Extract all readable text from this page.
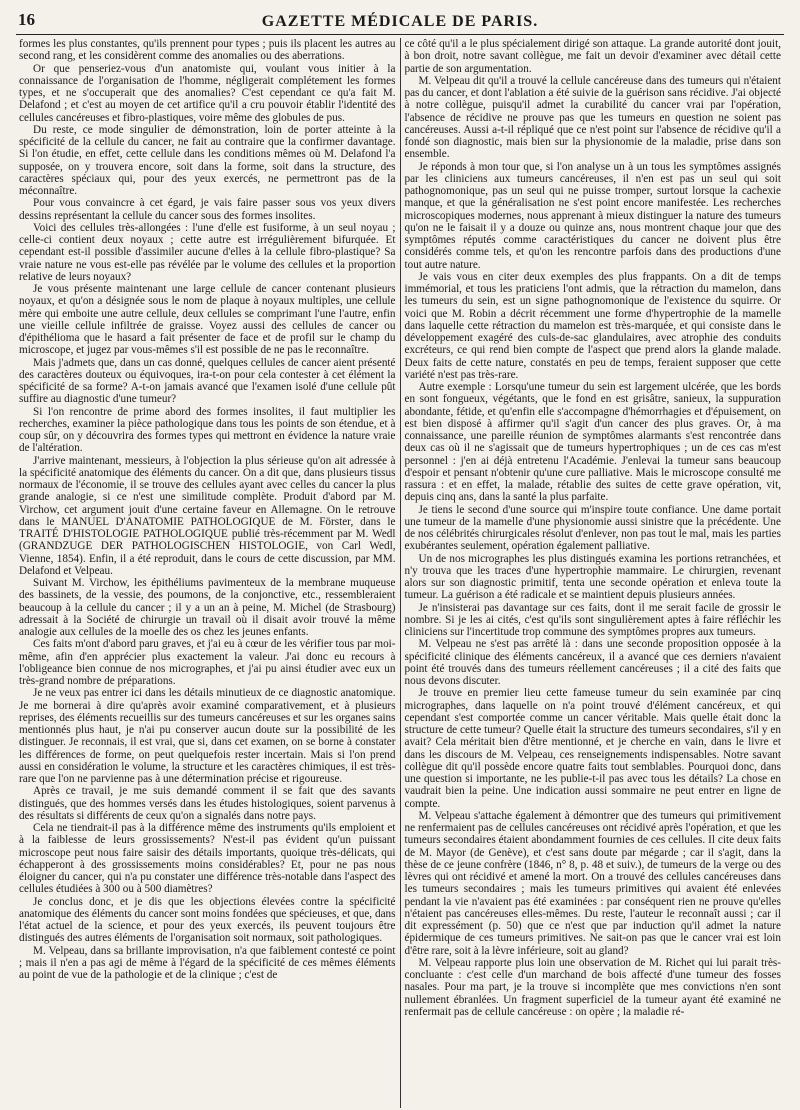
16	GAZETTE MÉDICALE DE PARIS.

formes les plus constantes, qu'ils prennent pour types ; puis ils placent les autres au second rang, et les considèrent comme des anomalies ou des aberrations.

Or que penseriez-vous d'un anatomiste qui, voulant vous initier à la connaissance de l'organisation de l'homme, négligerait complétement les formes types, et ne s'occuperait que des anomalies? C'est cependant ce qu'a fait M. Delafond ; et c'est au moyen de cet artifice qu'il a cru pouvoir établir l'identité des cellules cancéreuses et fibro-plastiques, voire même des globules de pus.

Du reste, ce mode singulier de démonstration, loin de porter atteinte à la spécificité de la cellule du cancer, ne fait au contraire que la confirmer davantage. Si l'on étudie, en effet, cette cellule dans les conditions mêmes où M. Delafond l'a supposée, on y trouvera encore, soit dans la forme, soit dans la structure, des caractères spéciaux qui, pour des yeux exercés, ne permettront pas de la méconnaître.

Pour vous convaincre à cet égard, je vais faire passer sous vos yeux divers dessins représentant la cellule du cancer sous des formes insolites.

Voici des cellules très-allongées : l'une d'elle est fusiforme, à un seul noyau ; celle-ci contient deux noyaux ; cette autre est irrégulièrement bifurquée. Et cependant est-il possible d'assimiler aucune d'elles à la cellule fibro-plastique? Sa vraie nature ne vous est-elle pas révélée par le volume des cellules et la proportion relative de leurs noyaux?

Je vous présente maintenant une large cellule de cancer contenant plusieurs noyaux, et qu'on a désignée sous le nom de plaque à noyaux multiples, une cellule mère qui emboite une autre cellule, deux cellules se comprimant l'une l'autre, enfin une vieille cellule infiltrée de graisse. Voyez aussi des cellules de cancer ou d'épithélioma que le hasard a fait présenter de face et de profil sur le champ du microscope, et jugez par vous-mêmes s'il est possible de ne pas le reconnaître.

Mais j'admets que, dans un cas donné, quelques cellules de cancer aient présenté des caractères douteux ou équivoques, ira-t-on pour cela contester à cet élément la spécificité de sa forme? A-t-on jamais avancé que l'examen isolé d'une cellule pût suffire au diagnostic d'une tumeur?

Si l'on rencontre de prime abord des formes insolites, il faut multiplier les recherches, examiner la pièce pathologique dans tous les points de son étendue, et à coup sûr, on y découvrira des formes types qui mettront en évidence la nature vraie de l'altération.

J'arrive maintenant, messieurs, à l'objection la plus sérieuse qu'on ait adressée à la spécificité anatomique des éléments du cancer. On a dit que, dans plusieurs tissus normaux de l'économie, il se trouve des cellules ayant avec celles du cancer la plus grande analogie, si ce n'est une similitude complète. Produit d'abord par M. Virchow, cet argument jouit d'une certaine faveur en Allemagne. On le retrouve dans le MANUEL D'ANATOMIE PATHOLOGIQUE de M. Förster, dans le TRAITÉ D'HISTOLOGIE PATHOLOGIQUE publié très-récemment par M. Wedl (GRANDZUGE DER PATHOLOGISCHEN HISTOLOGIE, von Carl Wedl, Vienne, 1854). Enfin, il a été reproduit, dans le cours de cette discussion, par MM. Delafond et Velpeau.

Suivant M. Virchow, les épithéliums pavimenteux de la membrane muqueuse des bassinets, de la vessie, des poumons, de la conjonctive, etc., ressembleraient beaucoup à la cellule du cancer ; il y a un an à peine, M. Michel (de Strasbourg) adressait à la Société de chirurgie un travail où il disait avoir trouvé la même analogie aux cellules de la moelle des os chez les jeunes enfants.

Ces faits m'ont d'abord paru graves, et j'ai eu à cœur de les vérifier tous par moi-même, afin d'en apprécier plus exactement la valeur. J'ai donc eu recours à l'obligeance bien connue de nos micrographes, et j'ai pu ainsi étudier avec eux un très-grand nombre de préparations.

Je ne veux pas entrer ici dans les détails minutieux de ce diagnostic anatomique. Je me bornerai à dire qu'après avoir examiné comparativement, et à plusieurs reprises, des éléments recueillis sur des tumeurs cancéreuses et sur les organes sains mentionnés plus haut, je n'ai pu conserver aucun doute sur la possibilité de les distinguer. Je reconnais, il est vrai, que si, dans cet examen, on se borne à constater les différences de forme, on peut quelquefois rester incertain. Mais si l'on prend aussi en considération le volume, la structure et les caractères chimiques, il est très-rare que l'on ne parvienne pas à une détermination précise et rigoureuse.

Après ce travail, je me suis demandé comment il se fait que des savants distingués, que des hommes versés dans les études histologiques, soient parvenus à des résultats si différents de ceux qu'on a signalés dans notre pays.

Cela ne tiendrait-il pas à la différence même des instruments qu'ils emploient et à la faiblesse de leurs grossissements? N'est-il pas évident qu'un puissant microscope peut nous faire saisir des détails importants, quoique très-délicats, qui échapperont à des grossissements moins considérables? Et, pour ne pas nous éloigner du cancer, qui n'a pu constater une différence très-notable dans l'aspect des cellules étudiées à 300 ou à 500 diamètres?

Je conclus donc, et je dis que les objections élevées contre la spécificité anatomique des éléments du cancer sont moins fondées que spécieuses, et que, dans l'état actuel de la science, et pour des yeux exercés, ils peuvent toujours être distingués des autres éléments de l'organisation soit normaux, soit pathologiques.

M. Velpeau, dans sa brillante improvisation, n'a que faiblement contesté ce point ; mais il n'en a pas agi de même à l'égard de la spécificité de ces mêmes éléments au point de vue de la pathologie et de la clinique ; c'est de

ce côté qu'il a le plus spécialement dirigé son attaque. La grande autorité dont jouit, à bon droit, notre savant collègue, me fait un devoir d'examiner avec détail cette partie de son argumentation.

M. Velpeau dit qu'il a trouvé la cellule cancéreuse dans des tumeurs qui n'étaient pas du cancer, et dont l'ablation a été suivie de la guérison sans récidive. J'ai objecté à notre collègue, puisqu'il admet la curabilité du cancer vrai par l'opération, l'absence de récidive ne prouve pas que les tumeurs en question ne soient pas cancéreuses. Aussi a-t-il répliqué que ce n'est point sur l'absence de récidive qu'il a fondé son diagnostic, mais bien sur la physionomie de la maladie, prise dans son ensemble.

Je réponds à mon tour que, si l'on analyse un à un tous les symptômes assignés par les cliniciens aux tumeurs cancéreuses, il n'en est pas un seul qui soit pathognomonique, pas un seul qui ne puisse tromper, surtout lorsque la cachexie manque, et que la généralisation ne s'est point encore manifestée. Les recherches microscopiques modernes, nous apprenant à mieux distinguer la nature des tumeurs qu'on ne le faisait il y a douze ou quinze ans, nous montrent chaque jour que des symptômes réputés comme caractéristiques du cancer ne doivent plus être considérés comme tels, et qu'on les rencontre parfois dans des productions d'une tout autre nature.

Je vais vous en citer deux exemples des plus frappants. On a dit de temps immémorial, et tous les praticiens l'ont admis, que la rétraction du mamelon, dans les tumeurs du sein, est un signe pathognomonique de l'existence du squirre. Or voici que M. Robin a décrit récemment une forme d'hypertrophie de la mamelle dans laquelle cette rétraction du mamelon est très-marquée, et qui consiste dans le développement exagéré des culs-de-sac glandulaires, avec atrophie des conduits excréteurs, ce qui rend bien compte de l'aspect que prend alors la glande malade. Deux faits de cette nature, constatés en peu de temps, feraient supposer que cette variété n'est pas très-rare.

Autre exemple : Lorsqu'une tumeur du sein est largement ulcérée, que les bords en sont fongueux, végétants, que le fond en est grisâtre, sanieux, la suppuration abondante, fétide, et qu'enfin elle s'accompagne d'hémorrhagies et d'épuisement, on est bien disposé à affirmer qu'il s'agit d'un cancer des plus graves. Or, à ma connaissance, une pareille réunion de symptômes alarmants s'est rencontrée dans deux cas où il ne s'agissait que de tumeurs hypertrophiques ; un de ces cas m'est personnel : j'en ai déjà entretenu l'Académie. J'enlevai la tumeur sans beaucoup d'espoir et pensant n'obtenir qu'une cure palliative. Mais le microscope consulté me rassura : et en effet, la malade, rétablie des suites de cette grave opération, vit, depuis cinq ans, dans la santé la plus parfaite.

Je tiens le second d'une source qui m'inspire toute confiance. Une dame portait une tumeur de la mamelle d'une physionomie aussi sinistre que la précédente. Une de nos célébrités chirurgicales résolut d'enlever, non pas tout le mal, mais les parties exubérantes seulement, opération également palliative.

Un de nos micrographes les plus distingués examina les portions retranchées, et n'y trouva que les traces d'une hypertrophie mammaire. Le chirurgien, revenant alors sur son diagnostic primitif, tenta une seconde opération et enleva toute la tumeur. La guérison a été radicale et se maintient depuis plusieurs années.

Je n'insisterai pas davantage sur ces faits, dont il me serait facile de grossir le nombre. Si je les ai cités, c'est qu'ils sont singulièrement aptes à faire réfléchir les cliniciens sur l'incertitude trop commune des symptômes propres aux tumeurs.

M. Velpeau ne s'est pas arrêté là : dans une seconde proposition opposée à la spécificité clinique des éléments cancéreux, il a avancé que ces derniers n'avaient point été trouvés dans des tumeurs réellement cancéreuses ; il a cité des faits que nous devons discuter.

Je trouve en premier lieu cette fameuse tumeur du sein examinée par cinq micrographes, dans laquelle on n'a point trouvé d'élément cancéreux, et qui cependant s'est comportée comme un cancer véritable. Mais quelle était donc la structure de cette tumeur? Quelle était la structure des tumeurs secondaires, s'il y en avait? Cela méritait bien d'être mentionné, et je cherche en vain, dans le livre et dans les discours de M. Velpeau, ces renseignements indispensables. Notre savant collègue dit qu'il possède encore quatre faits tout semblables. Pourquoi donc, dans une question si importante, ne les publie-t-il pas avec tous les détails? La chose en vaudrait bien la peine. Une indication aussi sommaire ne peut entrer en ligne de compte.

M. Velpeau s'attache également à démontrer que des tumeurs qui primitivement ne renfermaient pas de cellules cancéreuses ont récidivé après l'opération, et que les tumeurs secondaires étaient abondamment fournies de ces cellules. Il cite deux faits de M. Mayor (de Genève), et c'est sans doute par mégarde ; car il s'agit, dans la thèse de ce jeune confrère (1846, n° 8, p. 48 et suiv.), de tumeurs de la verge ou des lèvres qui ont récidivé et amené la mort. On a trouvé des cellules cancéreuses dans les tumeurs secondaires ; mais les tumeurs primitives qui avaient été enlevées pendant la vie n'avaient pas été examinées : par conséquent rien ne prouve qu'elles n'étaient pas cancéreuses elles-mêmes. Du reste, l'auteur le reconnaît aussi ; car il dit expressément (p. 50) que ce n'est que par induction qu'il admet la nature épidermique de ces tumeurs primitives. Ne sait-on pas que le cancer vrai est loin d'être rare, soit à la lèvre inférieure, soit au gland?

M. Velpeau rapporte plus loin une observation de M. Richet qui lui parait très-concluante : c'est celle d'un marchand de bois affecté d'une tumeur des fosses nasales. Pour ma part, je la trouve si incomplète que mes convictions n'en sont nullement ébranlées. Un fragment superficiel de la tumeur ayant été examiné ne renfermait pas de cellule cancéreuse : on opère ; la maladie ré-
